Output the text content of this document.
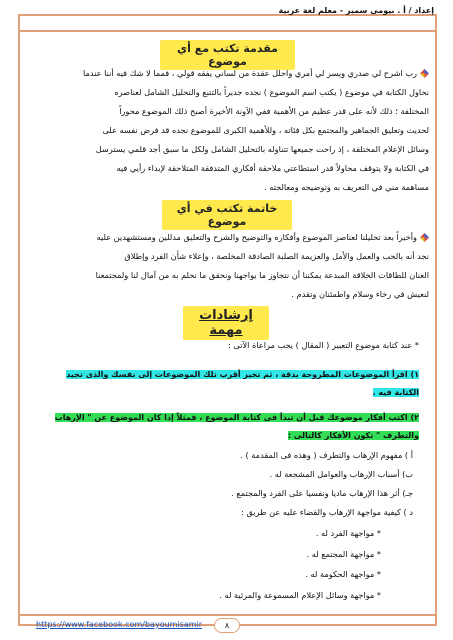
إعداد / أ . بيومى سمير - معلم لغة عربية
مقدمة تكتب مع أي موضوع
رب اشرح لي صدري ويسر لي أمري واحلل عقدة من لساني يفقه قولي ، فمما لا شك فيه أننا عندما
نحاول الكتابة في موضوع ( يكتب اسم الموضوع ) نجده جديراً بالتتبع والتحليل الشامل لعناصره
المختلفة ؛ ذلك لأنه على قدر عظيم من الأهمية ففي الآونة الأخيرة أصبح ذلك الموضوع محوراً
لحديث وتعليق الجماهير والمجتمع بكل فئاته ، وللأهمية الكبرى للموضوع نجده قد فرض نفسه على
وسائل الإعلام المختلفة ، إذ راحت جميعها تتناوله بالتحليل الشامل ولكل ما سبق أجد قلمي يسترسل
في الكتابة ولا يتوقف محاولاً قدر استطاعتي ملاحقة أفكاري المتدفقة المتلاحقة لإبداء رأيي فيه
مساهمة مني في التعريف به وتوضيحه ومعالجته .
خاتمة تكتب في أي موضوع
وأخيراً بعد تحليلنا لعناصر الموضوع وأفكاره والتوضيح والشرح والتعليق مدللين ومستشهدين عليه
نجد أنه بالحب والعمل والأمل والعزيمة الصلبة الصادقة المخلصة ، وإعلاء شأن الفرد وإطلاق
العنان للطاقات الخلاقة المبدعة يمكننا أن نتجاوز ما يواجهنا ونحقق ما نحلم به من آمال لنا ولمجتمعنا
لنعيش في رخاء وسلام واطمئنان وتقدم .
إرشادات مهمة
* عند كتابة موضوع التعبير ( المقال ) يجب مراعاة الآتى :
١) اقرأ الموضوعات المطروحة بدقة ، ثم تخير أقرب تلك الموضوعات إلى نفسك والذى تجيد
الكتابة فيه .
٢) اكتب أفكار موضوعك قبل أن تبدأ فى كتابة الموضوع ، فمثلاً إذا كان الموضوع عن " الإرهاب
والتطرف " تكون الأفكار كالتالى :
أ ) مفهوم الإرهاب والتطرف ( وهذه فى المقدمة ) .
ب) أسباب الإرهاب والعوامل المشجعة له .
جـ) أثر هذا الإرهاب ماديا ونفسيا على الفرد والمجتمع .
د ) كيفية مواجهة الإرهاب والقضاء عليه عن طريق :
* مواجهة الفرد له .
* مواجهة المجتمع له .
* مواجهة الحكومة له .
* مواجهة وسائل الإعلام المسموعة والمرئية له .
https://www.facebook.com/bayoumisamir	٨
